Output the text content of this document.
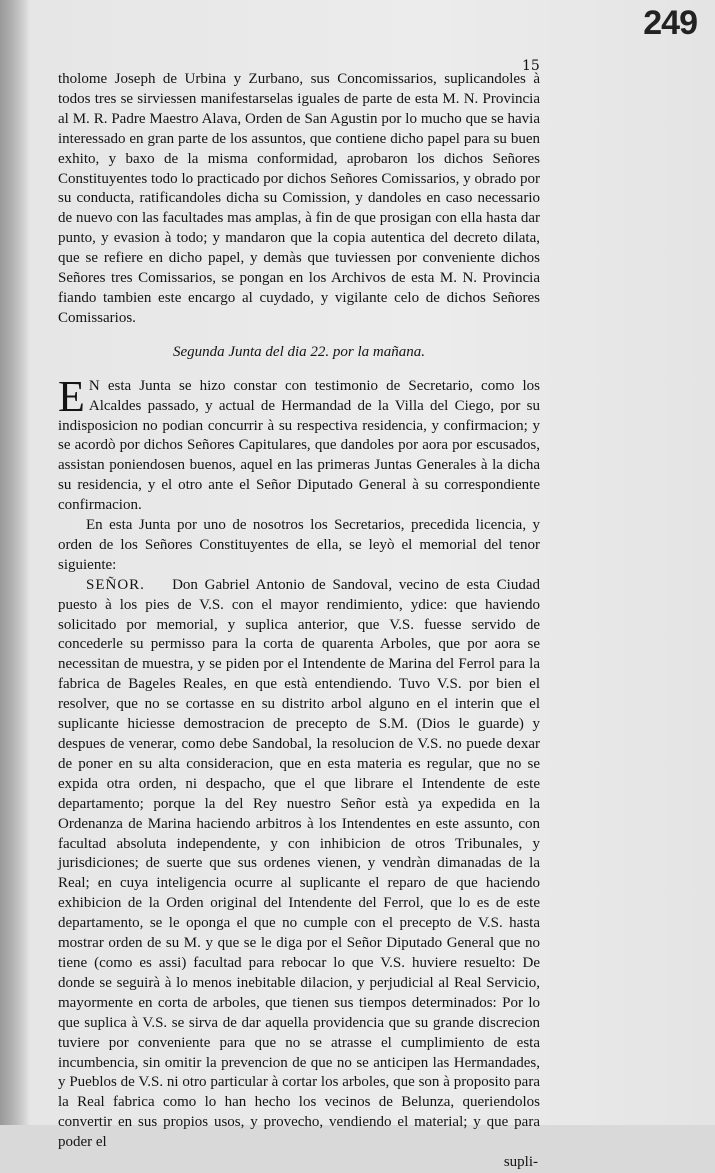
249
15

tholome Joseph de Urbina y Zurbano, sus Concomissarios, suplicandoles à todos tres se sirviessen manifestarselas iguales de parte de esta M. N. Provincia al M. R. Padre Maestro Alava, Orden de San Agustin por lo mucho que se havia interessado en gran parte de los assuntos, que contiene dicho papel para su buen exhito, y baxo de la misma conformidad, aprobaron los dichos Señores Constituyentes todo lo practicado por dichos Señores Comissarios, y obrado por su conducta, ratificandoles dicha su Comission, y dandoles en caso necessario de nuevo con las facultades mas amplas, à fin de que prosigan con ella hasta dar punto, y evasion à todo; y mandaron que la copia autentica del decreto dilata, que se refiere en dicho papel, y demàs que tuviessen por conveniente dichos Señores tres Comissarios, se pongan en los Archivos de esta M. N. Provincia fiando tambien este encargo al cuydado, y vigilante celo de dichos Señores Comissarios.

Segunda Junta del dia 22. por la mañana.

E N esta Junta se hizo constar con testimonio de Secretario, como los Alcaldes passado, y actual de Hermandad de la Villa del Ciego, por su indisposicion no podian concurrir à su respectiva residencia, y confirmacion; y se acordò por dichos Señores Capitulares, que dandoles por aora por escusados, assistan poniendosen buenos, aquel en las primeras Juntas Generales à la dicha su residencia, y el otro ante el Señor Diputado General à su correspondiente confirmacion.

En esta Junta por uno de nosotros los Secretarios, precedida licencia, y orden de los Señores Constituyentes de ella, se leyò el memorial del tenor siguiente:

SEÑOR. Don Gabriel Antonio de Sandoval, vecino de esta Ciudad puesto à los pies de V.S. con el mayor rendimiento, ydice: que haviendo solicitado por memorial, y suplica anterior, que V.S. fuesse servido de concederle su permisso para la corta de quarenta Arboles, que por aora se necessitan de muestra, y se piden por el Intendente de Marina del Ferrol para la fabrica de Bageles Reales, en que està entendiendo. Tuvo V.S. por bien el resolver, que no se cortasse en su distrito arbol alguno en el interin que el suplicante hiciesse demostracion de precepto de S.M. (Dios le guarde) y despues de venerar, como debe Sandobal, la resolucion de V.S. no puede dexar de poner en su alta consideracion, que en esta materia es regular, que no se expida otra orden, ni despacho, que el que librare el Intendente de este departamento; porque la del Rey nuestro Señor està ya expedida en la Ordenanza de Marina haciendo arbitros à los Intendentes en este assunto, con facultad absoluta independente, y con inhibicion de otros Tribunales, y jurisdiciones; de suerte que sus ordenes vienen, y vendràn dimanadas de la Real; en cuya inteligencia ocurre al suplicante el reparo de que haciendo exhibicion de la Orden original del Intendente del Ferrol, que lo es de este departamento, se le oponga el que no cumple con el precepto de V.S. hasta mostrar orden de su M. y que se le diga por el Señor Diputado General que no tiene (como es assi) facultad para rebocar lo que V.S. huviere resuelto: De donde se seguirà à lo menos inebitable dilacion, y perjudicial al Real Servicio, mayormente en corta de arboles, que tienen sus tiempos determinados: Por lo que suplica à V.S. se sirva de dar aquella providencia que su grande discrecion tuviere por conveniente para que no se atrasse el cumplimiento de esta incumbencia, sin omitir la prevencion de que no se anticipen las Hermandades, y Pueblos de V.S. ni otro particular à cortar los arboles, que son à proposito para la Real fabrica como lo han hecho los vecinos de Belunza, queriendolos convertir en sus propios usos, y provecho, vendiendo el material; y que para poder el

supli-
